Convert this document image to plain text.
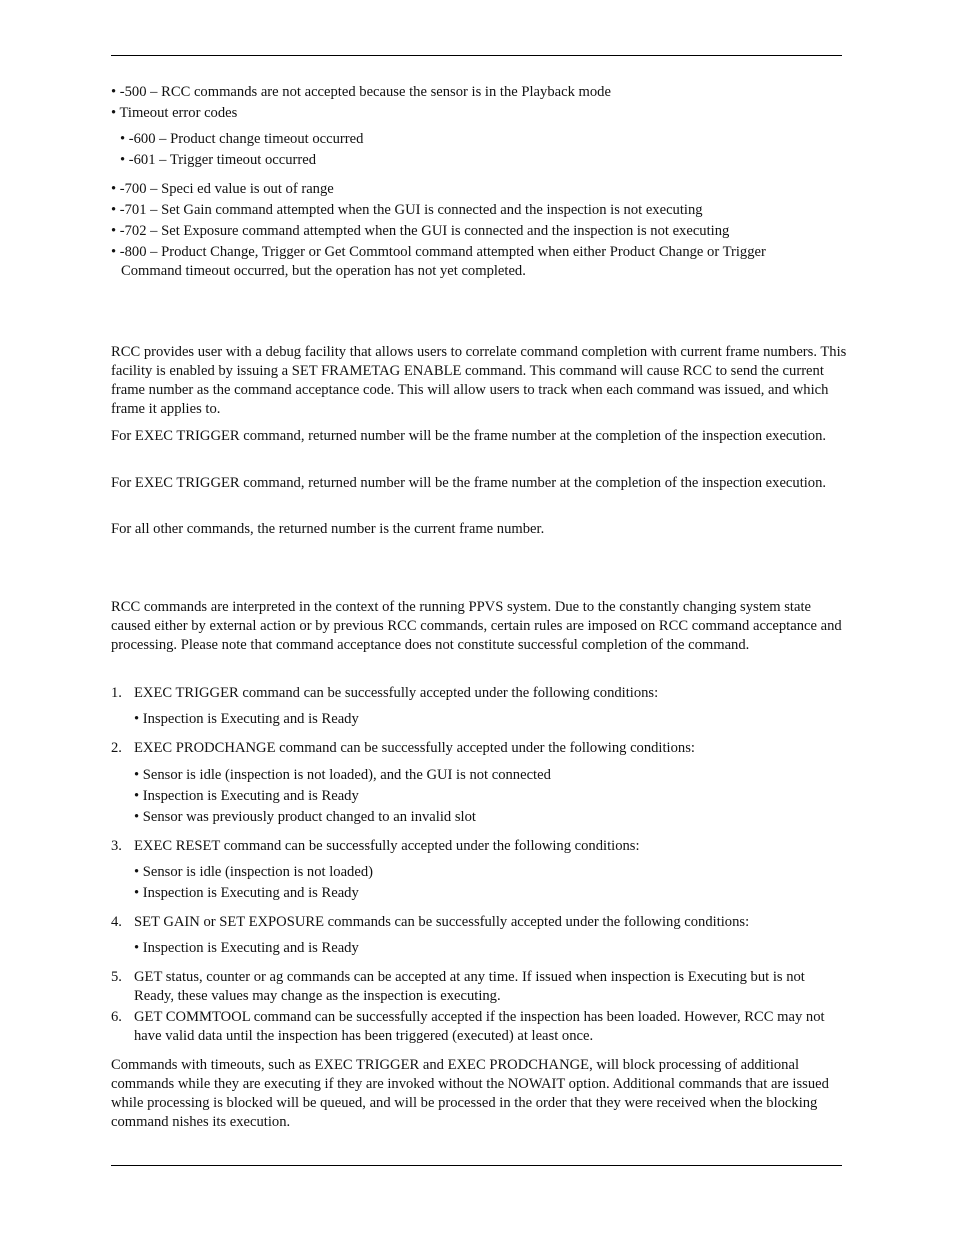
• -500 – RCC commands are not accepted because the sensor is in the Playback mode
• Timeout error codes
• -600 – Product change timeout occurred
• -601 – Trigger timeout occurred
• -700 – Speci ed value is out of range
• -701 – Set Gain command attempted when the GUI is connected and the inspection is not executing
• -702 – Set Exposure command attempted when the GUI is connected and the inspection is not executing
• -800 – Product Change, Trigger or Get Commtool command attempted when either Product Change or Trigger
Command timeout occurred, but the operation has not yet completed.

RCC provides user with a debug facility that allows users to correlate command completion with current frame numbers. This facility is enabled by issuing a SET FRAMETAG ENABLE command. This command will cause RCC to send the current frame number as the command acceptance code. This will allow users to track when each command was issued, and which frame it applies to.

For EXEC TRIGGER command, returned number will be the frame number at the completion of the inspection execution.

For EXEC TRIGGER command, returned number will be the frame number at the completion of the inspection execution.

For all other commands, the returned number is the current frame number.

RCC commands are interpreted in the context of the running PPVS system. Due to the constantly changing system state caused either by external action or by previous RCC commands, certain rules are imposed on RCC command acceptance and processing. Please note that command acceptance does not constitute successful completion of the command.

1. EXEC TRIGGER command can be successfully accepted under the following conditions:
• Inspection is Executing and is Ready
2. EXEC PRODCHANGE command can be successfully accepted under the following conditions:
• Sensor is idle (inspection is not loaded), and the GUI is not connected
• Inspection is Executing and is Ready
• Sensor was previously product changed to an invalid slot
3. EXEC RESET command can be successfully accepted under the following conditions:
• Sensor is idle (inspection is not loaded)
• Inspection is Executing and is Ready
4. SET GAIN or SET EXPOSURE commands can be successfully accepted under the following conditions:
• Inspection is Executing and is Ready
5. GET status, counter or ag commands can be accepted at any time. If issued when inspection is Executing but is not Ready, these values may change as the inspection is executing.
6. GET COMMTOOL command can be successfully accepted if the inspection has been loaded. However, RCC may not have valid data until the inspection has been triggered (executed) at least once.

Commands with timeouts, such as EXEC TRIGGER and EXEC PRODCHANGE, will block processing of additional commands while they are executing if they are invoked without the NOWAIT option. Additional commands that are issued while processing is blocked will be queued, and will be processed in the order that they were received when the blocking command nishes its execution.
